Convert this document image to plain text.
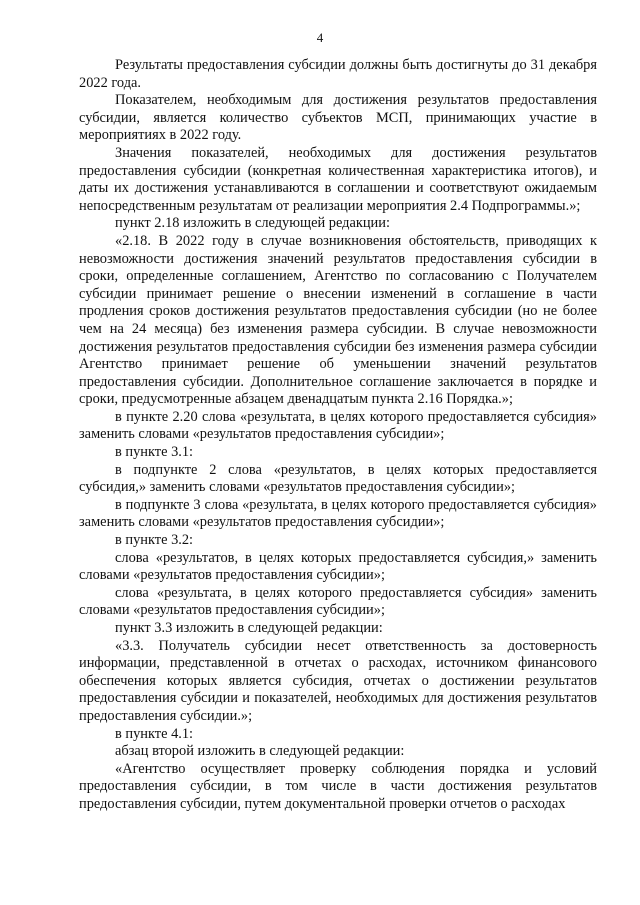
4

Результаты предоставления субсидии должны быть достигнуты до 31 декабря 2022 года.

Показателем, необходимым для достижения результатов предоставления субсидии, является количество субъектов МСП, принимающих участие в мероприятиях в 2022 году.

Значения показателей, необходимых для достижения результатов предоставления субсидии (конкретная количественная характеристика итогов), и даты их достижения устанавливаются в соглашении и соответствуют ожидаемым непосредственным результатам от реализации мероприятия 2.4 Подпрограммы.»;

пункт 2.18 изложить в следующей редакции:

«2.18. В 2022 году в случае возникновения обстоятельств, приводящих к невозможности достижения значений результатов предоставления субсидии в сроки, определенные соглашением, Агентство по согласованию с Получателем субсидии принимает решение о внесении изменений в соглашение в части продления сроков достижения результатов предоставления субсидии (но не более чем на 24 месяца) без изменения размера субсидии. В случае невозможности достижения результатов предоставления субсидии без изменения размера субсидии Агентство принимает решение об уменьшении значений результатов предоставления субсидии. Дополнительное соглашение заключается в порядке и сроки, предусмотренные абзацем двенадцатым пункта 2.16 Порядка.»;

в пункте 2.20 слова «результата, в целях которого предоставляется субсидия» заменить словами «результатов предоставления субсидии»;

в пункте 3.1:

в подпункте 2 слова «результатов, в целях которых предоставляется субсидия,» заменить словами «результатов предоставления субсидии»;

в подпункте 3 слова «результата, в целях которого предоставляется субсидия» заменить словами «результатов предоставления субсидии»;

в пункте 3.2:

слова «результатов, в целях которых предоставляется субсидия,» заменить словами «результатов предоставления субсидии»;

слова «результата, в целях которого предоставляется субсидия» заменить словами «результатов предоставления субсидии»;

пункт 3.3 изложить в следующей редакции:

«3.3. Получатель субсидии несет ответственность за достоверность информации, представленной в отчетах о расходах, источником финансового обеспечения которых является субсидия, отчетах о достижении результатов предоставления субсидии и показателей, необходимых для достижения результатов предоставления субсидии.»;

в пункте 4.1:

абзац второй изложить в следующей редакции:

«Агентство осуществляет проверку соблюдения порядка и условий предоставления субсидии, в том числе в части достижения результатов предоставления субсидии, путем документальной проверки отчетов о расходах
